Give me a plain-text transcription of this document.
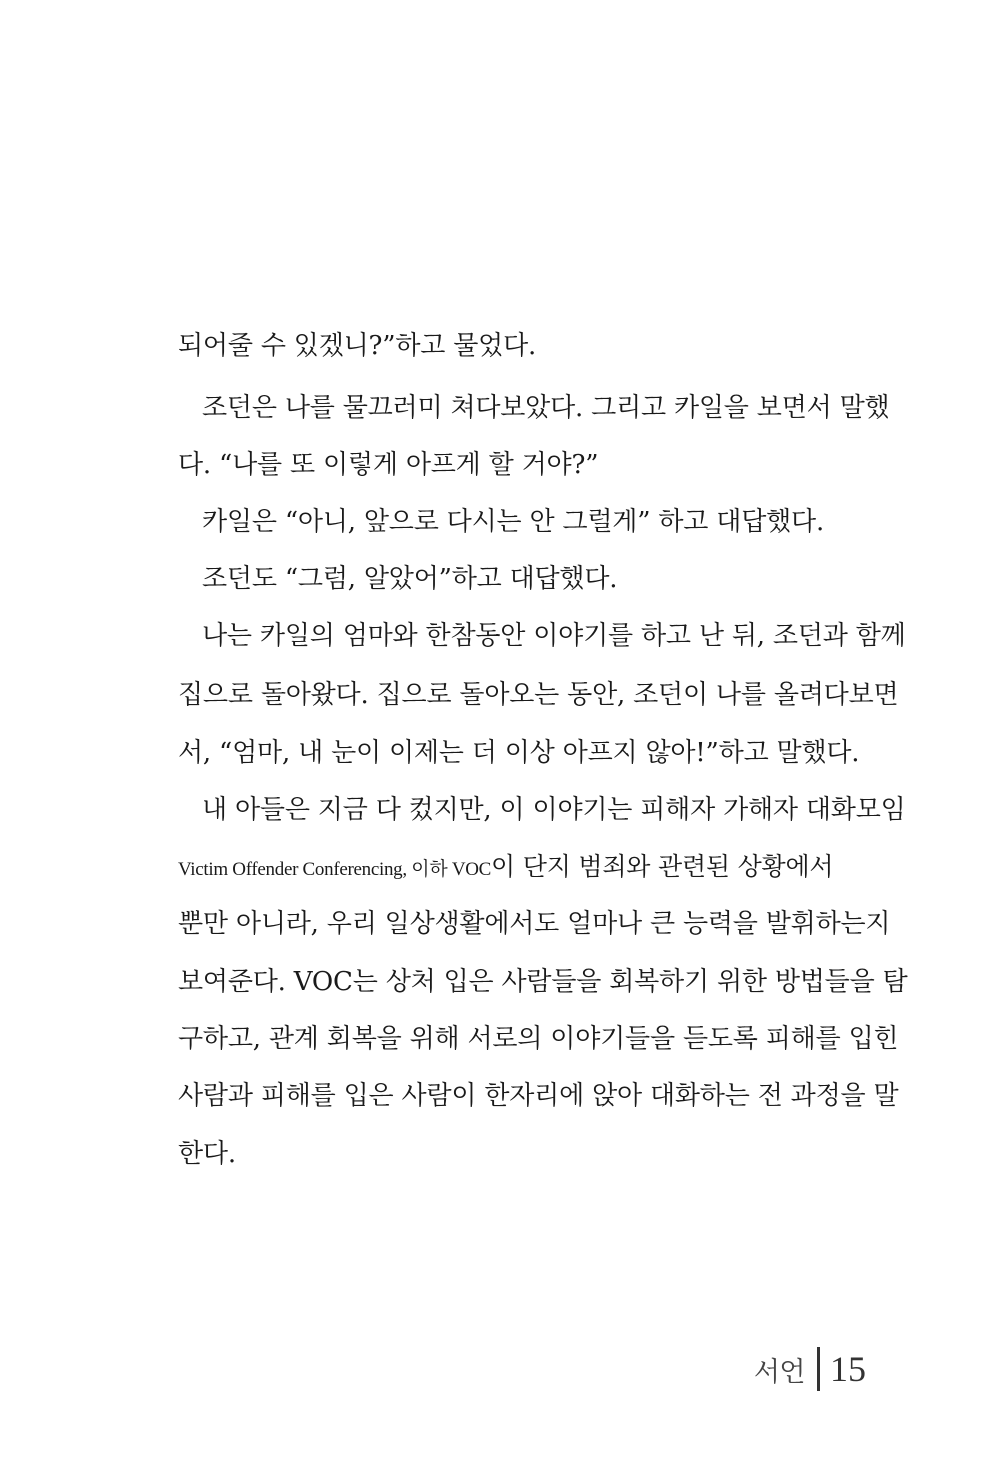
되어줄 수 있겠니?”하고 물었다.
조던은 나를 물끄러미 쳐다보았다. 그리고 카일을 보면서 말했
다. “나를 또 이렇게 아프게 할 거야?”
카일은 “아니, 앞으로 다시는 안 그럴게” 하고 대답했다.
조던도 “그럼, 알았어”하고 대답했다.
나는 카일의 엄마와 한참동안 이야기를 하고 난 뒤, 조던과 함께
집으로 돌아왔다. 집으로 돌아오는 동안, 조던이 나를 올려다보면
서, “엄마, 내 눈이 이제는 더 이상 아프지 않아!”하고 말했다.
내 아들은 지금 다 컸지만, 이 이야기는 피해자 가해자 대화모임
Victim Offender Conferencing, 이하 VOC이 단지 범죄와 관련된 상황에서
뿐만 아니라, 우리 일상생활에서도 얼마나 큰 능력을 발휘하는지
보여준다. VOC는 상처 입은 사람들을 회복하기 위한 방법들을 탐
구하고, 관계 회복을 위해 서로의 이야기들을 듣도록 피해를 입힌
사람과 피해를 입은 사람이 한자리에 앉아 대화하는 전 과정을 말
한다.
서언 15
